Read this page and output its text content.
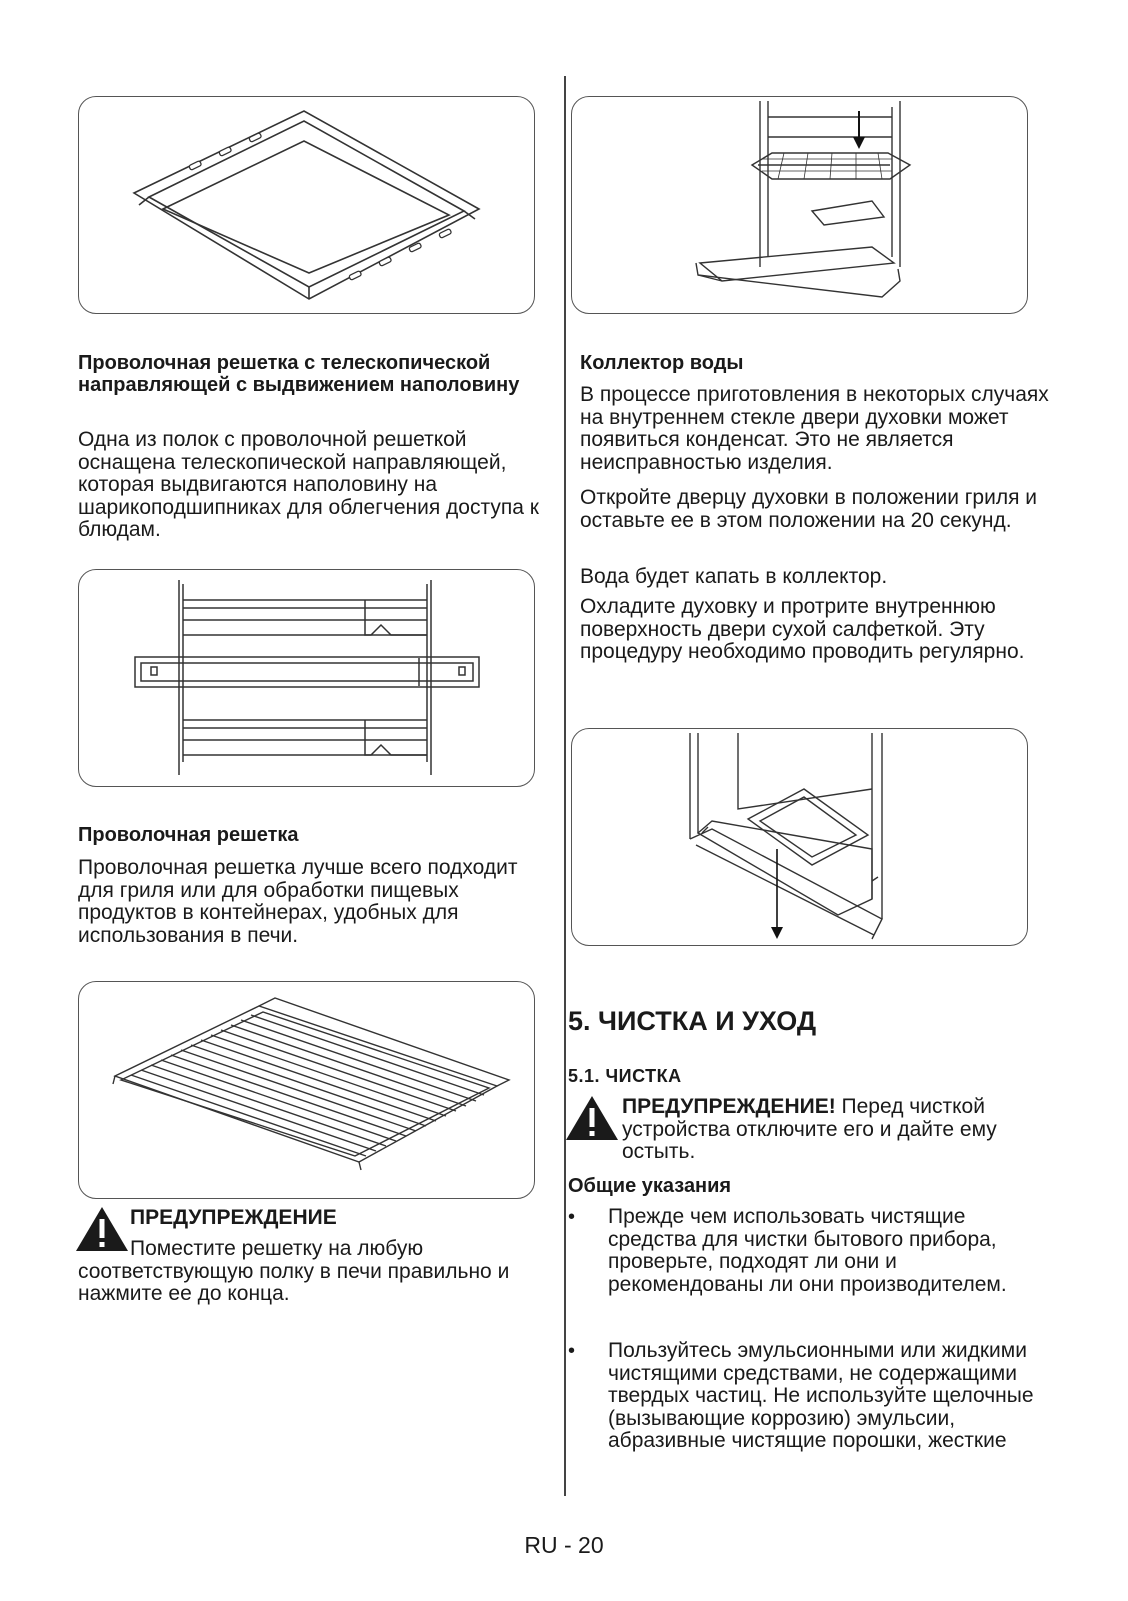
Проволочная решетка с телескопической направляющей с выдвижением наполовину

Одна из полок с проволочной решеткой оснащена телескопической направляющей, которая выдвигаются наполовину на шарикоподшипниках для облегчения доступа к блюдам.

Проволочная решетка

Проволочная решетка лучше всего подходит для гриля или для обработки пищевых продуктов в контейнерах, удобных для использования в печи.

ПРЕДУПРЕЖДЕНИЕ

Поместите решетку на любую соответствующую полку в печи правильно и нажмите ее до конца.

Коллектор воды

В процессе приготовления в некоторых случаях на внутреннем стекле двери духовки может появиться конденсат. Это не является неисправностью изделия.

Откройте дверцу духовки в положении гриля и оставьте ее в этом положении на 20 секунд.

Вода будет капать в коллектор.

Охладите духовку и протрите внутреннюю поверхность двери сухой салфеткой. Эту процедуру необходимо проводить регулярно.

5. ЧИСТКА И УХОД
5.1. ЧИСТКА

ПРЕДУПРЕЖДЕНИЕ! Перед чисткой устройства отключите его и дайте ему остыть.

Общие указания
• Прежде чем использовать чистящие средства для чистки бытового прибора, проверьте, подходят ли они и рекомендованы ли они производителем.
• Пользуйтесь эмульсионными или жидкими чистящими средствами, не содержащими твердых частиц. Не используйте щелочные (вызывающие коррозию) эмульсии, абразивные чистящие порошки, жесткие
RU - 20
